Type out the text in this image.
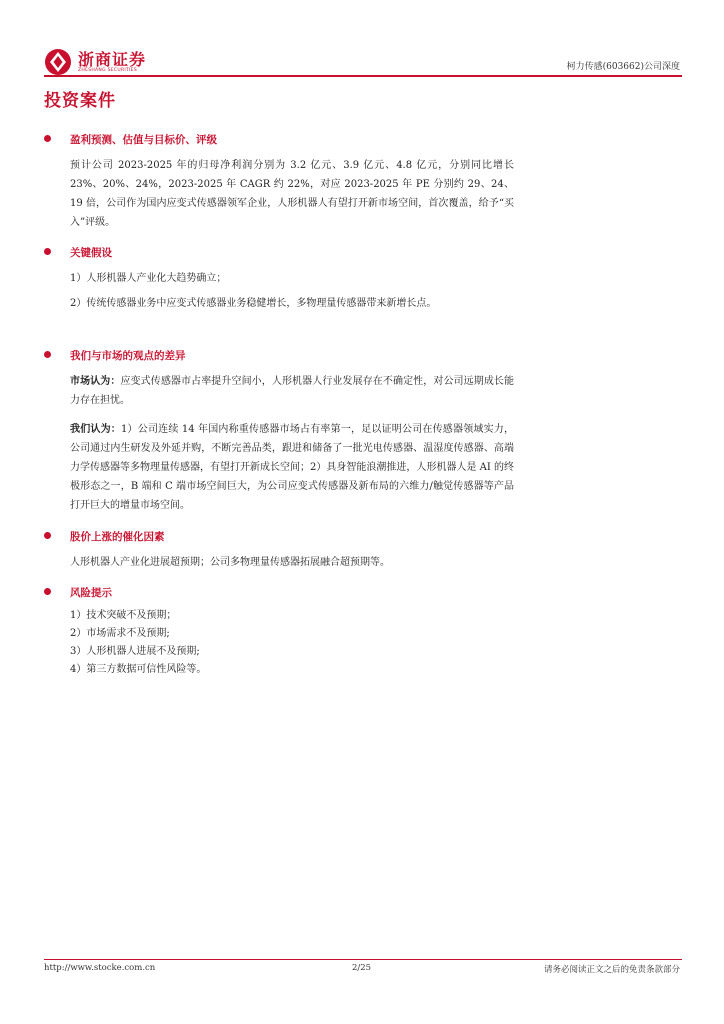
浙商证券
ZHESHANG SECURITIES	柯力传感(603662)公司深度
投资案件
盈利预测、估值与目标价、评级
预计公司 2023-2025 年的归母净利润分别为 3.2 亿元、3.9 亿元、4.8 亿元，分别同比增长 23%、20%、24%，2023-2025 年 CAGR 约 22%，对应 2023-2025 年 PE 分别约 29、24、19 倍，公司作为国内应变式传感器领军企业，人形机器人有望打开新市场空间，首次覆盖，给予“买入”评级。
关键假设
1）人形机器人产业化大趋势确立；
2）传统传感器业务中应变式传感器业务稳健增长，多物理量传感器带来新增长点。
我们与市场的观点的差异
市场认为：应变式传感器市占率提升空间小，人形机器人行业发展存在不确定性，对公司远期成长能力存在担忧。
我们认为：1）公司连续 14 年国内称重传感器市场占有率第一，足以证明公司在传感器领域实力，公司通过内生研发及外延并购，不断完善品类，跟进和储备了一批光电传感器、温湿度传感器、高端力学传感器等多物理量传感器，有望打开新成长空间；2）具身智能浪潮推进，人形机器人是 AI 的终极形态之一，B 端和 C 端市场空间巨大，为公司应变式传感器及新布局的六维力/触觉传感器等产品打开巨大的增量市场空间。
股价上涨的催化因素
人形机器人产业化进展超预期；公司多物理量传感器拓展融合超预期等。
风险提示
1）技术突破不及预期；
2）市场需求不及预期;
3）人形机器人进展不及预期;
4）第三方数据可信性风险等。
http://www.stocke.com.cn	2/25	请务必阅读正文之后的免责条款部分
